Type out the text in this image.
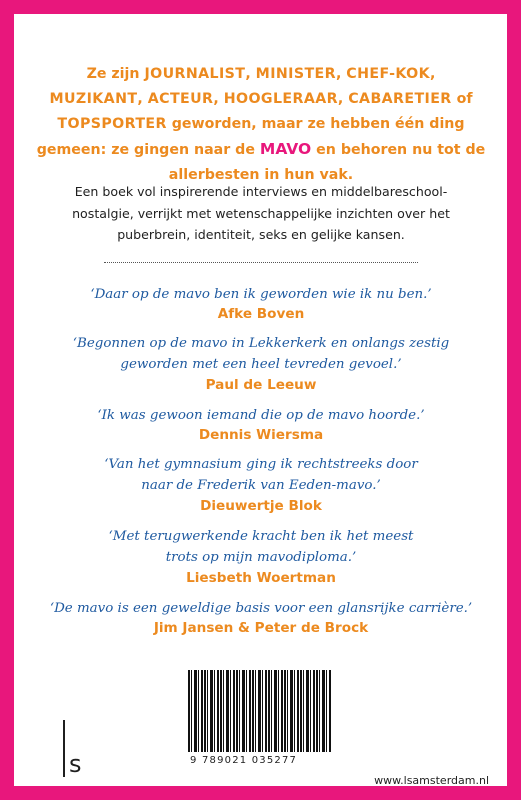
Ze zijn JOURNALIST, MINISTER, CHEF-KOK,
MUZIKANT, ACTEUR, HOOGLERAAR, CABARETIER of
TOPSPORTER geworden, maar ze hebben één ding gemeen: ze gingen naar de MAVO en behoren nu tot de allerbesten in hun vak.
Een boek vol inspirerende interviews en middelbareschool-
nostalgie, verrijkt met wetenschappelijke inzichten over het
puberbrein, identiteit, seks en gelijke kansen.
‘Daar op de mavo ben ik geworden wie ik nu ben.’
Afke Boven
‘Begonnen op de mavo in Lekkerkerk en onlangs zestig
geworden met een heel tevreden gevoel.’
Paul de Leeuw
‘Ik was gewoon iemand die op de mavo hoorde.’
Dennis Wiersma
‘Van het gymnasium ging ik rechtstreeks door
naar de Frederik van Eeden-mavo.’
Dieuwertje Blok
‘Met terugwerkende kracht ben ik het meest
trots op mijn mavodiploma.’
Liesbeth Woertman
‘De mavo is een geweldige basis voor een glansrijke carrière.’
Jim Jansen & Peter de Brock
9 789021 035277
s
www.lsamsterdam.nl
